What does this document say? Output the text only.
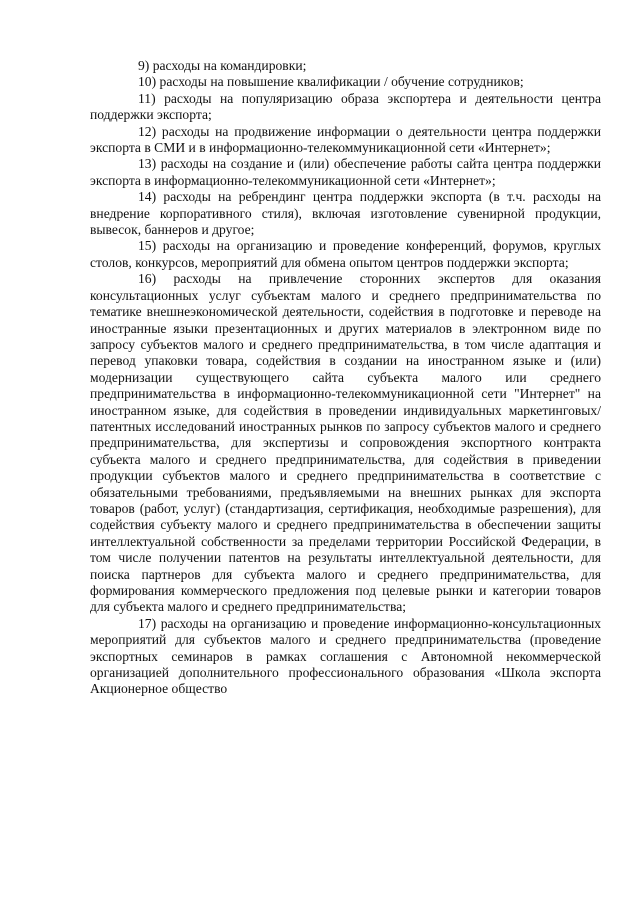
9) расходы на командировки;

10) расходы на повышение квалификации / обучение сотрудников;

11) расходы на популяризацию образа экспортера и деятельности центра поддержки экспорта;

12) расходы на продвижение информации о деятельности центра поддержки экспорта в СМИ и в информационно-телекоммуникационной сети «Интернет»;

13) расходы на создание и (или) обеспечение работы сайта центра поддержки экспорта в информационно-телекоммуникационной сети «Интернет»;

14) расходы на ребрендинг центра поддержки экспорта (в т.ч. расходы на внедрение корпоративного стиля), включая изготовление сувенирной продукции, вывесок, баннеров и другое;

15) расходы на организацию и проведение конференций, форумов, круглых столов, конкурсов, мероприятий для обмена опытом центров поддержки экспорта;

16) расходы на привлечение сторонних экспертов для оказания консультационных услуг субъектам малого и среднего предпринимательства по тематике внешнеэкономической деятельности, содействия в подготовке и переводе на иностранные языки презентационных и других материалов в электронном виде по запросу субъектов малого и среднего предпринимательства, в том числе адаптация и перевод упаковки товара, содействия в создании на иностранном языке и (или) модернизации существующего сайта субъекта малого или среднего предпринимательства в информационно-телекоммуникационной сети "Интернет" на иностранном языке, для содействия в проведении индивидуальных маркетинговых/патентных исследований иностранных рынков по запросу субъектов малого и среднего предпринимательства, для экспертизы и сопровождения экспортного контракта субъекта малого и среднего предпринимательства, для содействия в приведении продукции субъектов малого и среднего предпринимательства в соответствие с обязательными требованиями, предъявляемыми на внешних рынках для экспорта товаров (работ, услуг) (стандартизация, сертификация, необходимые разрешения), для содействия субъекту малого и среднего предпринимательства в обеспечении защиты интеллектуальной собственности за пределами территории Российской Федерации, в том числе получении патентов на результаты интеллектуальной деятельности, для поиска партнеров для субъекта малого и среднего предпринимательства, для формирования коммерческого предложения под целевые рынки и категории товаров для субъекта малого и среднего предпринимательства;

17) расходы на организацию и проведение информационно-консультационных мероприятий для субъектов малого и среднего предпринимательства (проведение экспортных семинаров в рамках соглашения с Автономной некоммерческой организацией дополнительного профессионального образования «Школа экспорта Акционерное общество
